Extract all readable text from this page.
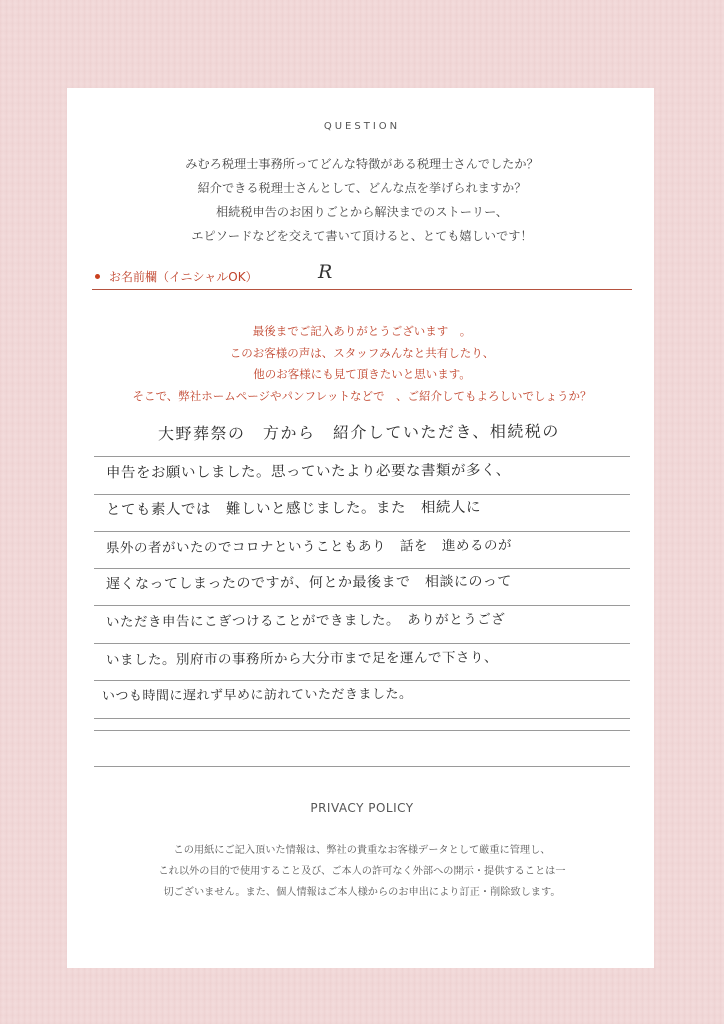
QUESTION
みむろ税理士事務所ってどんな特徴がある税理士さんでしたか？
紹介できる税理士さんとして、どんな点を挙げられますか？
相続税申告のお困りごとから解決までのストーリー、
エピソードなどを交えて書いて頂けると、とても嬉しいです！
お名前欄（イニシャルOK）	R
最後までご記入ありがとうございます　。
このお客様の声は、スタッフみんなと共有したり、
他のお客様にも見て頂きたいと思います。
そこで、弊社ホームページやパンフレットなどで　、ご紹介してもよろしいでしょうか？
大野葬祭の　方から　紹介していただき、相続税の
申告をお願いしました。思っていたより必要な書類が多く、
とても素人では　難しいと感じました。また　相続人に
県外の者がいたのでコロナということもあり　話を　進めるのが
遅くなってしまったのですが、何とか最後まで　相談にのって
いただき申告にこぎつけることができました。　ありがとうござ
いました。別府市の事務所から大分市まで足を運んで下さり、
いつも時間に遅れず早めに訪れていただきました。
PRIVACY POLICY
この用紙にご記入頂いた情報は、弊社の貴重なお客様データとして厳重に管理し、
これ以外の目的で使用すること及び、ご本人の許可なく外部への開示・提供することは一
切ございません。また、個人情報はご本人様からのお申出により訂正・削除致します。
